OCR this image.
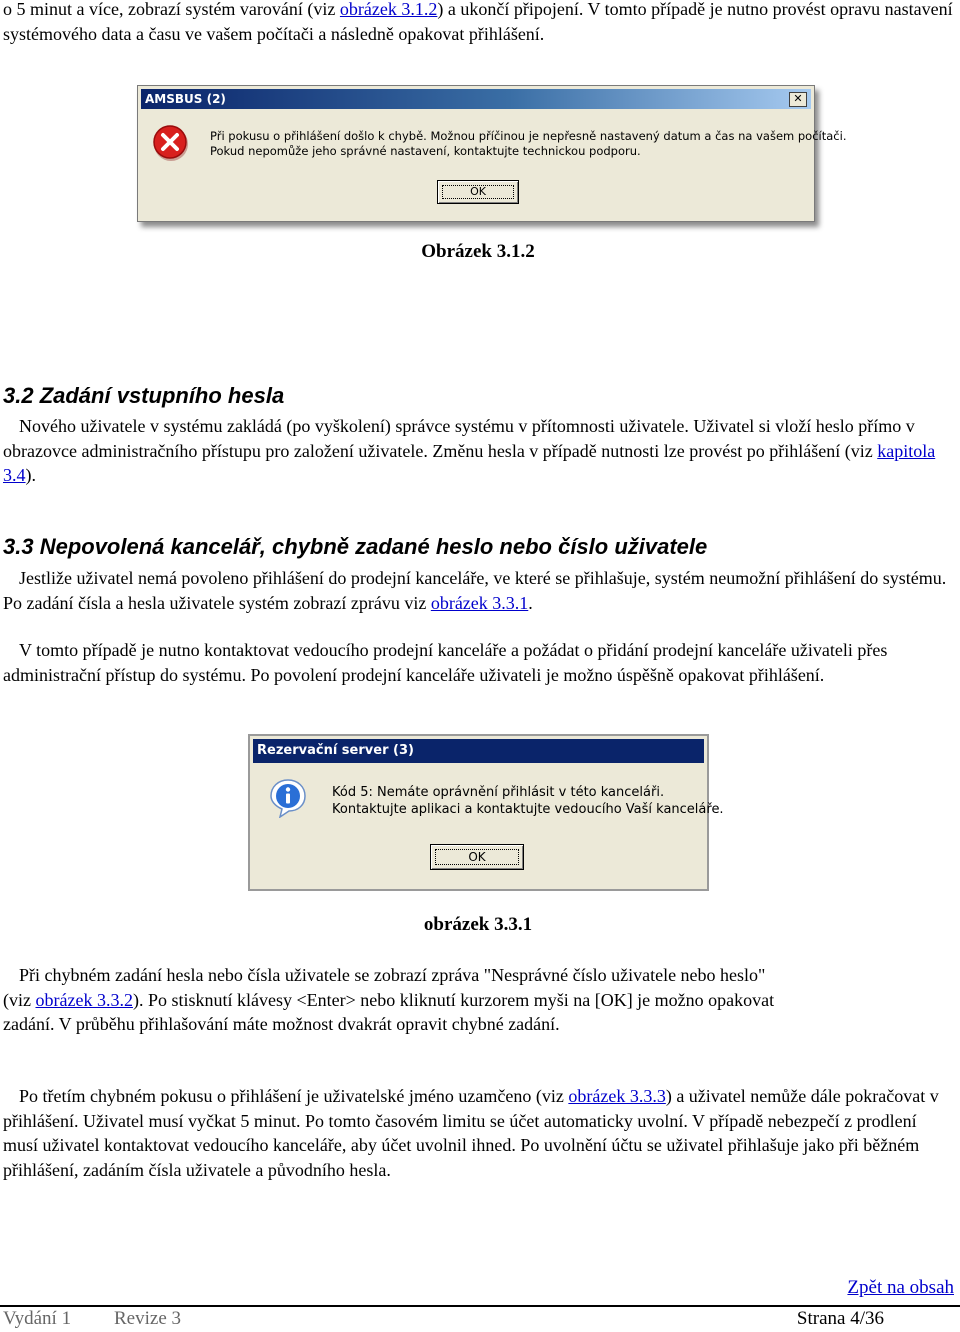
o 5 minut a více, zobrazí systém varování (viz obrázek 3.1.2) a ukončí připojení. V tomto případě je nutno provést opravu nastavení systémového data a času ve vašem počítači a následně opakovat přihlášení.

AMSBUS (2)	✕
Při pokusu o přihlášení došlo k chybě. Možnou příčinou je nepřesně nastavený datum a čas na vašem počítači.
Pokud nepomůže jeho správné nastavení, kontaktujte technickou podporu.
OK
Obrázek 3.1.2
3.2 Zadání vstupního hesla

Nového uživatele v systému zakládá (po vyškolení) správce systému v přítomnosti uživatele. Uživatel si vloží heslo přímo v obrazovce administračního přístupu pro založení uživatele. Změnu hesla v případě nutnosti lze provést po přihlášení (viz kapitola 3.4).

3.3 Nepovolená kancelář, chybně zadané heslo nebo číslo uživatele

Jestliže uživatel nemá povoleno přihlášení do prodejní kanceláře, ve které se přihlašuje, systém neumožní přihlášení do systému. Po zadání čísla a hesla uživatele systém zobrazí zprávu viz obrázek 3.3.1.

V tomto případě je nutno kontaktovat vedoucího prodejní kanceláře a požádat o přidání prodejní kanceláře uživateli přes administrační přístup do systému. Po povolení prodejní kanceláře uživateli je možno úspěšně opakovat přihlášení.

Rezervační server (3)
Kód 5: Nemáte oprávnění přihlásit v této kanceláři.
Kontaktujte aplikaci a kontaktujte vedoucího Vaší kanceláře.
OK
obrázek 3.3.1

Při chybném zadání hesla nebo čísla uživatele se zobrazí zpráva "Nesprávné číslo uživatele nebo heslo" (viz obrázek 3.3.2). Po stisknutí klávesy <Enter> nebo kliknutí kurzorem myši na [OK] je možno opakovat zadání. V průběhu přihlašování máte možnost dvakrát opravit chybné zadání.

Po třetím chybném pokusu o přihlášení je uživatelské jméno uzamčeno (viz obrázek 3.3.3) a uživatel nemůže dále pokračovat v přihlášení. Uživatel musí vyčkat 5 minut. Po tomto časovém limitu se účet automaticky uvolní. V případě nebezpečí z prodlení musí uživatel kontaktovat vedoucího kanceláře, aby účet uvolnil ihned. Po uvolnění účtu se uživatel přihlašuje jako při běžném přihlášení, zadáním čísla uživatele a původního hesla.

Zpět na obsah
Vydání 1 Revize 3	Strana 4/36
